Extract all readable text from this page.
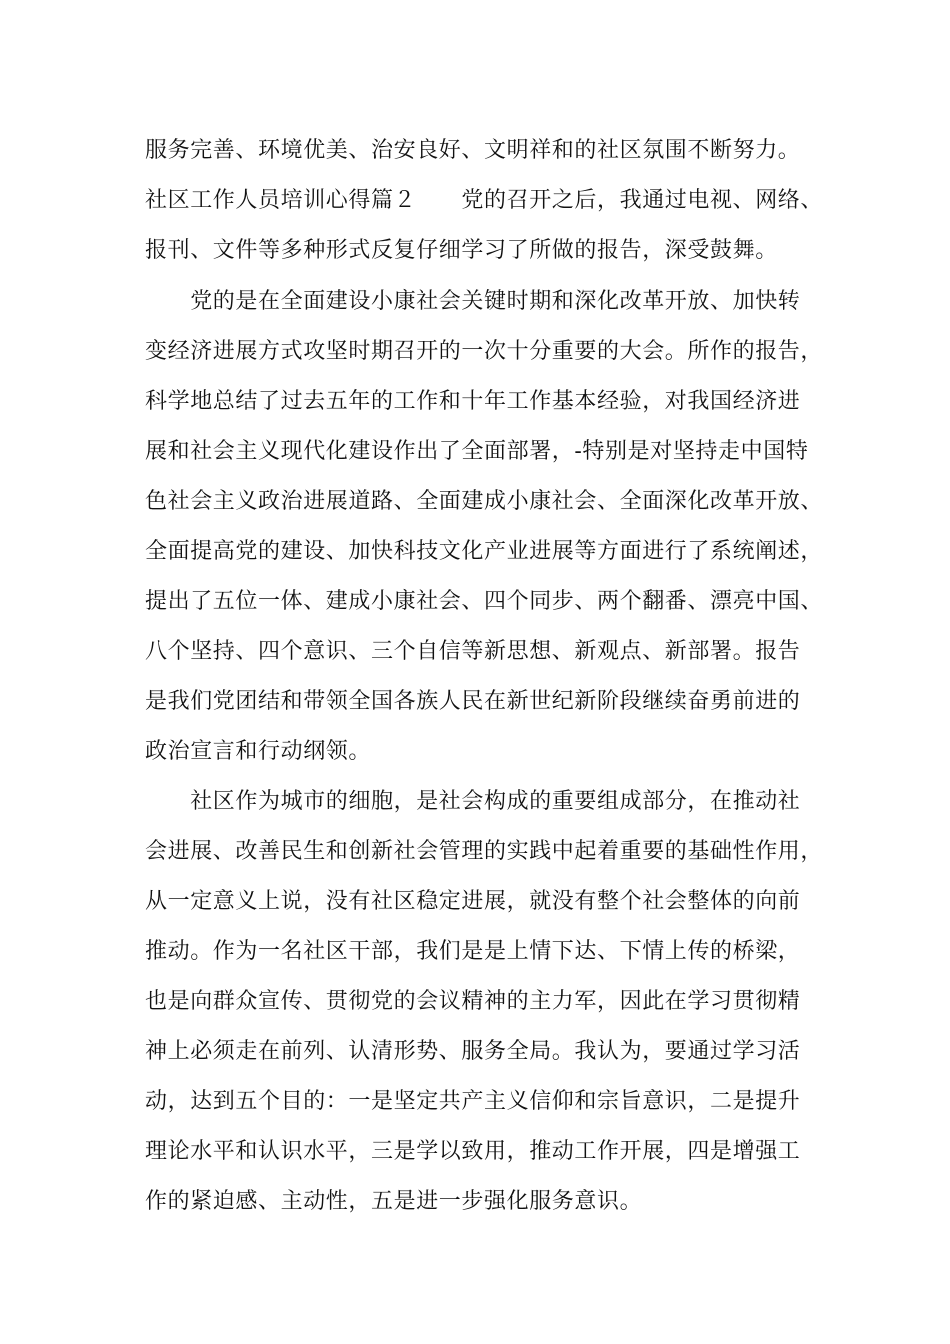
服务完善、环境优美、治安良好、文明祥和的社区氛围不断努力。
社区工作人员培训心得篇２　　党的召开之后，我通过电视、网络、
报刊、文件等多种形式反复仔细学习了所做的报告，深受鼓舞。
　　党的是在全面建设小康社会关键时期和深化改革开放、加快转
变经济进展方式攻坚时期召开的一次十分重要的大会。所作的报告，
科学地总结了过去五年的工作和十年工作基本经验，对我国经济进
展和社会主义现代化建设作出了全面部署，-特别是对坚持走中国特
色社会主义政治进展道路、全面建成小康社会、全面深化改革开放、
全面提高党的建设、加快科技文化产业进展等方面进行了系统阐述，
提出了五位一体、建成小康社会、四个同步、两个翻番、漂亮中国、
八个坚持、四个意识、三个自信等新思想、新观点、新部署。报告
是我们党团结和带领全国各族人民在新世纪新阶段继续奋勇前进的
政治宣言和行动纲领。
　　社区作为城市的细胞，是社会构成的重要组成部分，在推动社
会进展、改善民生和创新社会管理的实践中起着重要的基础性作用，
从一定意义上说，没有社区稳定进展，就没有整个社会整体的向前
推动。作为一名社区干部，我们是是上情下达、下情上传的桥梁，
也是向群众宣传、贯彻党的会议精神的主力军，因此在学习贯彻精
神上必须走在前列、认清形势、服务全局。我认为，要通过学习活
动，达到五个目的：一是坚定共产主义信仰和宗旨意识，二是提升
理论水平和认识水平，三是学以致用，推动工作开展，四是增强工
作的紧迫感、主动性，五是进一步强化服务意识。
